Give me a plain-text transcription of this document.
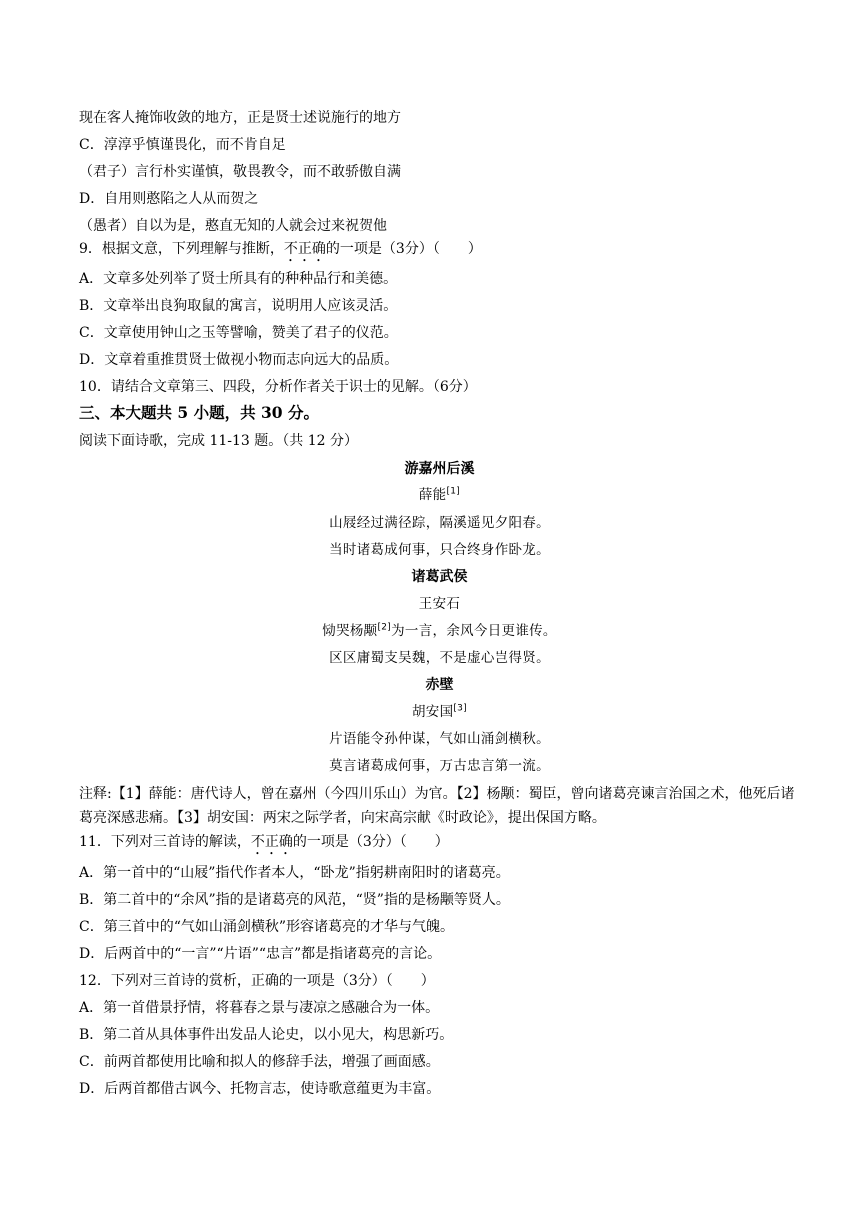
现在客人掩饰收敛的地方，正是贤士述说施行的地方
C．淳淳乎慎谨畏化，而不肯自足
（君子）言行朴实谨慎，敬畏教令，而不敢骄傲自满
D．自用则憨陷之人从而贺之
（愚者）自以为是，憨直无知的人就会过来祝贺他
9．根据文意，下列理解与推断，不正确的一项是（3分）（　　）
A．文章多处列举了贤士所具有的种种品行和美德。
B．文章举出良狗取鼠的寓言，说明用人应该灵活。
C．文章使用钟山之玉等譬喻，赞美了君子的仪范。
D．文章着重推贯贤士做视小物而志向远大的品质。
10．请结合文章第三、四段，分析作者关于识士的见解。（6分）
三、本大题共 5 小题，共 30 分。
阅读下面诗歌，完成 11-13 题。（共 12 分）
游嘉州后溪
薛能[1]
山屐经过满径踪，隔溪遥见夕阳春。
当时诸葛成何事，只合终身作卧龙。
诸葛武侯
王安石
恸哭杨颙[2]为一言，余风今日更谁传。
区区庸蜀支吴魏，不是虚心岂得贤。
赤壁
胡安国[3]
片语能令孙仲谋，气如山涌剑横秋。
莫言诸葛成何事，万古忠言第一流。
注释:【1】薛能：唐代诗人，曾在嘉州（今四川乐山）为官。【2】杨颙：蜀臣，曾向诸葛亮谏言治国之术，他死后诸葛亮深感悲痛。【3】胡安国：两宋之际学者，向宋高宗献《时政论》，提出保国方略。
11．下列对三首诗的解读，不正确的一项是（3分）（　　）
A．第一首中的“山屐”指代作者本人，“卧龙”指躬耕南阳时的诸葛亮。
B．第二首中的“余风”指的是诸葛亮的风范，“贤”指的是杨颙等贤人。
C．第三首中的“气如山涌剑横秋”形容诸葛亮的才华与气魄。
D．后两首中的“一言”“片语”“忠言”都是指诸葛亮的言论。
12．下列对三首诗的赏析，正确的一项是（3分）（　　）
A．第一首借景抒情，将暮春之景与凄凉之感融合为一体。
B．第二首从具体事件出发品人论史，以小见大，构思新巧。
C．前两首都使用比喻和拟人的修辞手法，增强了画面感。
D．后两首都借古讽今、托物言志，使诗歌意蕴更为丰富。
